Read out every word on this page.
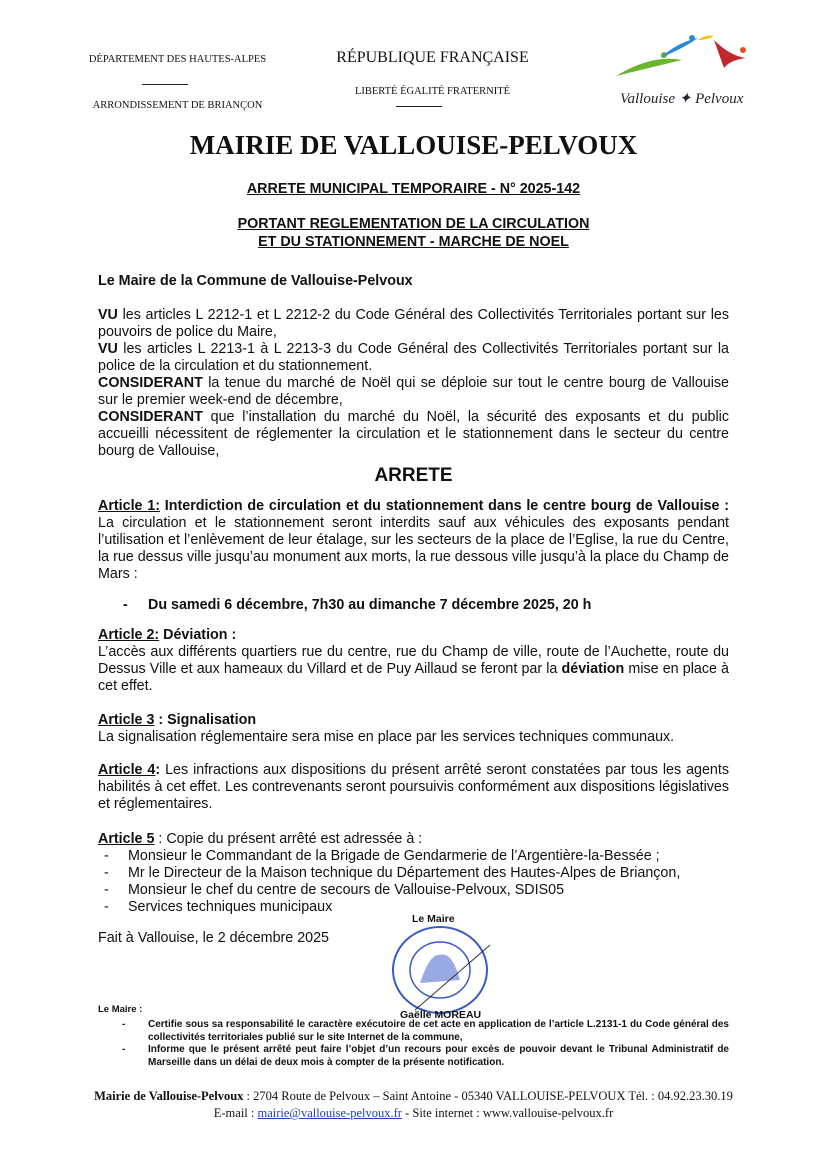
DÉPARTEMENT DES HAUTES-ALPES
ARRONDISSEMENT DE BRIANÇON
RÉPUBLIQUE FRANÇAISE
LIBERTÉ ÉGALITÉ FRATERNITÉ	Vallouise ✦ Pelvoux
MAIRIE DE VALLOUISE-PELVOUX
ARRETE MUNICIPAL TEMPORAIRE - N° 2025-142
PORTANT REGLEMENTATION DE LA CIRCULATION
ET DU STATIONNEMENT - MARCHE DE NOEL
Le Maire de la Commune de Vallouise-Pelvoux
VU les articles L 2212-1 et L 2212-2 du Code Général des Collectivités Territoriales portant sur les pouvoirs de police du Maire,
VU les articles L 2213-1 à L 2213-3 du Code Général des Collectivités Territoriales portant sur la police de la circulation et du stationnement.
CONSIDERANT la tenue du marché de Noël qui se déploie sur tout le centre bourg de Vallouise sur le premier week-end de décembre,
CONSIDERANT que l’installation du marché du Noël, la sécurité des exposants et du public accueilli nécessitent de réglementer la circulation et le stationnement dans le secteur du centre bourg de Vallouise,
ARRETE
Article 1: Interdiction de circulation et du stationnement dans le centre bourg de Vallouise : La circulation et le stationnement seront interdits sauf aux véhicules des exposants pendant l’utilisation et l’enlèvement de leur étalage, sur les secteurs de la place de l’Eglise, la rue du Centre, la rue dessus ville jusqu’au monument aux morts, la rue dessous ville jusqu’à la place du Champ de Mars :
- Du samedi 6 décembre, 7h30 au dimanche 7 décembre 2025, 20 h
Article 2: Déviation :
L’accès aux différents quartiers rue du centre, rue du Champ de ville, route de l’Auchette, route du Dessus Ville et aux hameaux du Villard et de Puy Aillaud se feront par la déviation mise en place à cet effet.
Article 3 : Signalisation
La signalisation réglementaire sera mise en place par les services techniques communaux.
Article 4: Les infractions aux dispositions du présent arrêté seront constatées par tous les agents habilités à cet effet. Les contrevenants seront poursuivis conformément aux dispositions législatives et réglementaires.
Article 5 : Copie du présent arrêté est adressée à :
- Monsieur le Commandant de la Brigade de Gendarmerie de l’Argentière-la-Bessée ;
- Mr le Directeur de la Maison technique du Département des Hautes-Alpes de Briançon,
- Monsieur le chef du centre de secours de Vallouise-Pelvoux, SDIS05
- Services techniques municipaux
Fait à Vallouise, le 2 décembre 2025
Le Maire
Gaëlle MOREAU
Le Maire :
-	Certifie sous sa responsabilité le caractère exécutoire de cet acte en application de l’article L.2131-1 du Code général des collectivités territoriales publié sur le site Internet de la commune,
-	Informe que le présent arrêté peut faire l’objet d’un recours pour excès de pouvoir devant le Tribunal Administratif de Marseille dans un délai de deux mois à compter de la présente notification.
Mairie de Vallouise-Pelvoux : 2704 Route de Pelvoux – Saint Antoine - 05340 VALLOUISE-PELVOUX Tél. : 04.92.23.30.19
E-mail : mairie@vallouise-pelvoux.fr - Site internet : www.vallouise-pelvoux.fr
